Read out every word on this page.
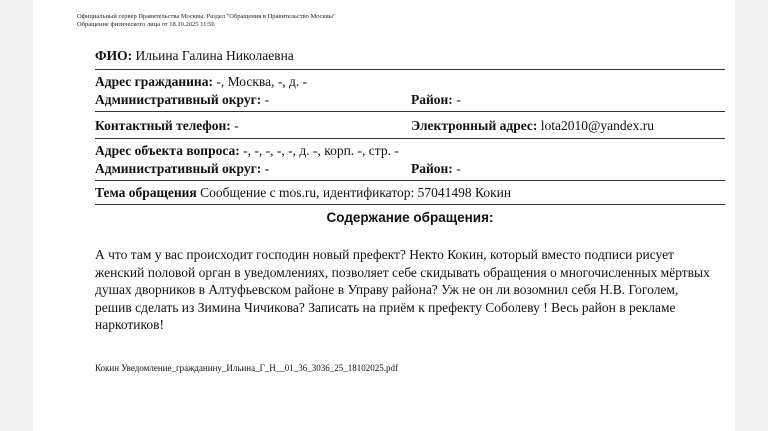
Официальный сервер Правительства Москвы. Раздел "Обращения в Правительство Москвы"
Обращение физического лица от 18.10.2025 11:56
ФИО: Ильина Галина Николаевна
Адрес гражданина: -, Москва, -, д. -
Административный округ: -	Район: -
Контактный телефон: -	Электронный адрес: lota2010@yandex.ru
Адрес объекта вопроса: -, -, -, -, -, д. -, корп. -, стр. -
Административный округ: -	Район: -
Тема обращения Сообщение с mos.ru, идентификатор: 57041498 Кокин
Содержание обращения:
А что там у вас происходит господин новый префект? Некто Кокин, который вместо подписи рисует женский половой орган в уведомлениях, позволяет себе скидывать обращения о многочисленных мёртвых душах дворников в Алтуфьевском районе в Управу района? Уж не он ли возомнил себя Н.В. Гоголем, решив сделать из Зимина Чичикова? Записать на приём к префекту Соболеву ! Весь район в рекламе наркотиков!
Кокин Уведомление_гражданину_Ильина_Г_Н__01_36_3036_25_18102025.pdf
